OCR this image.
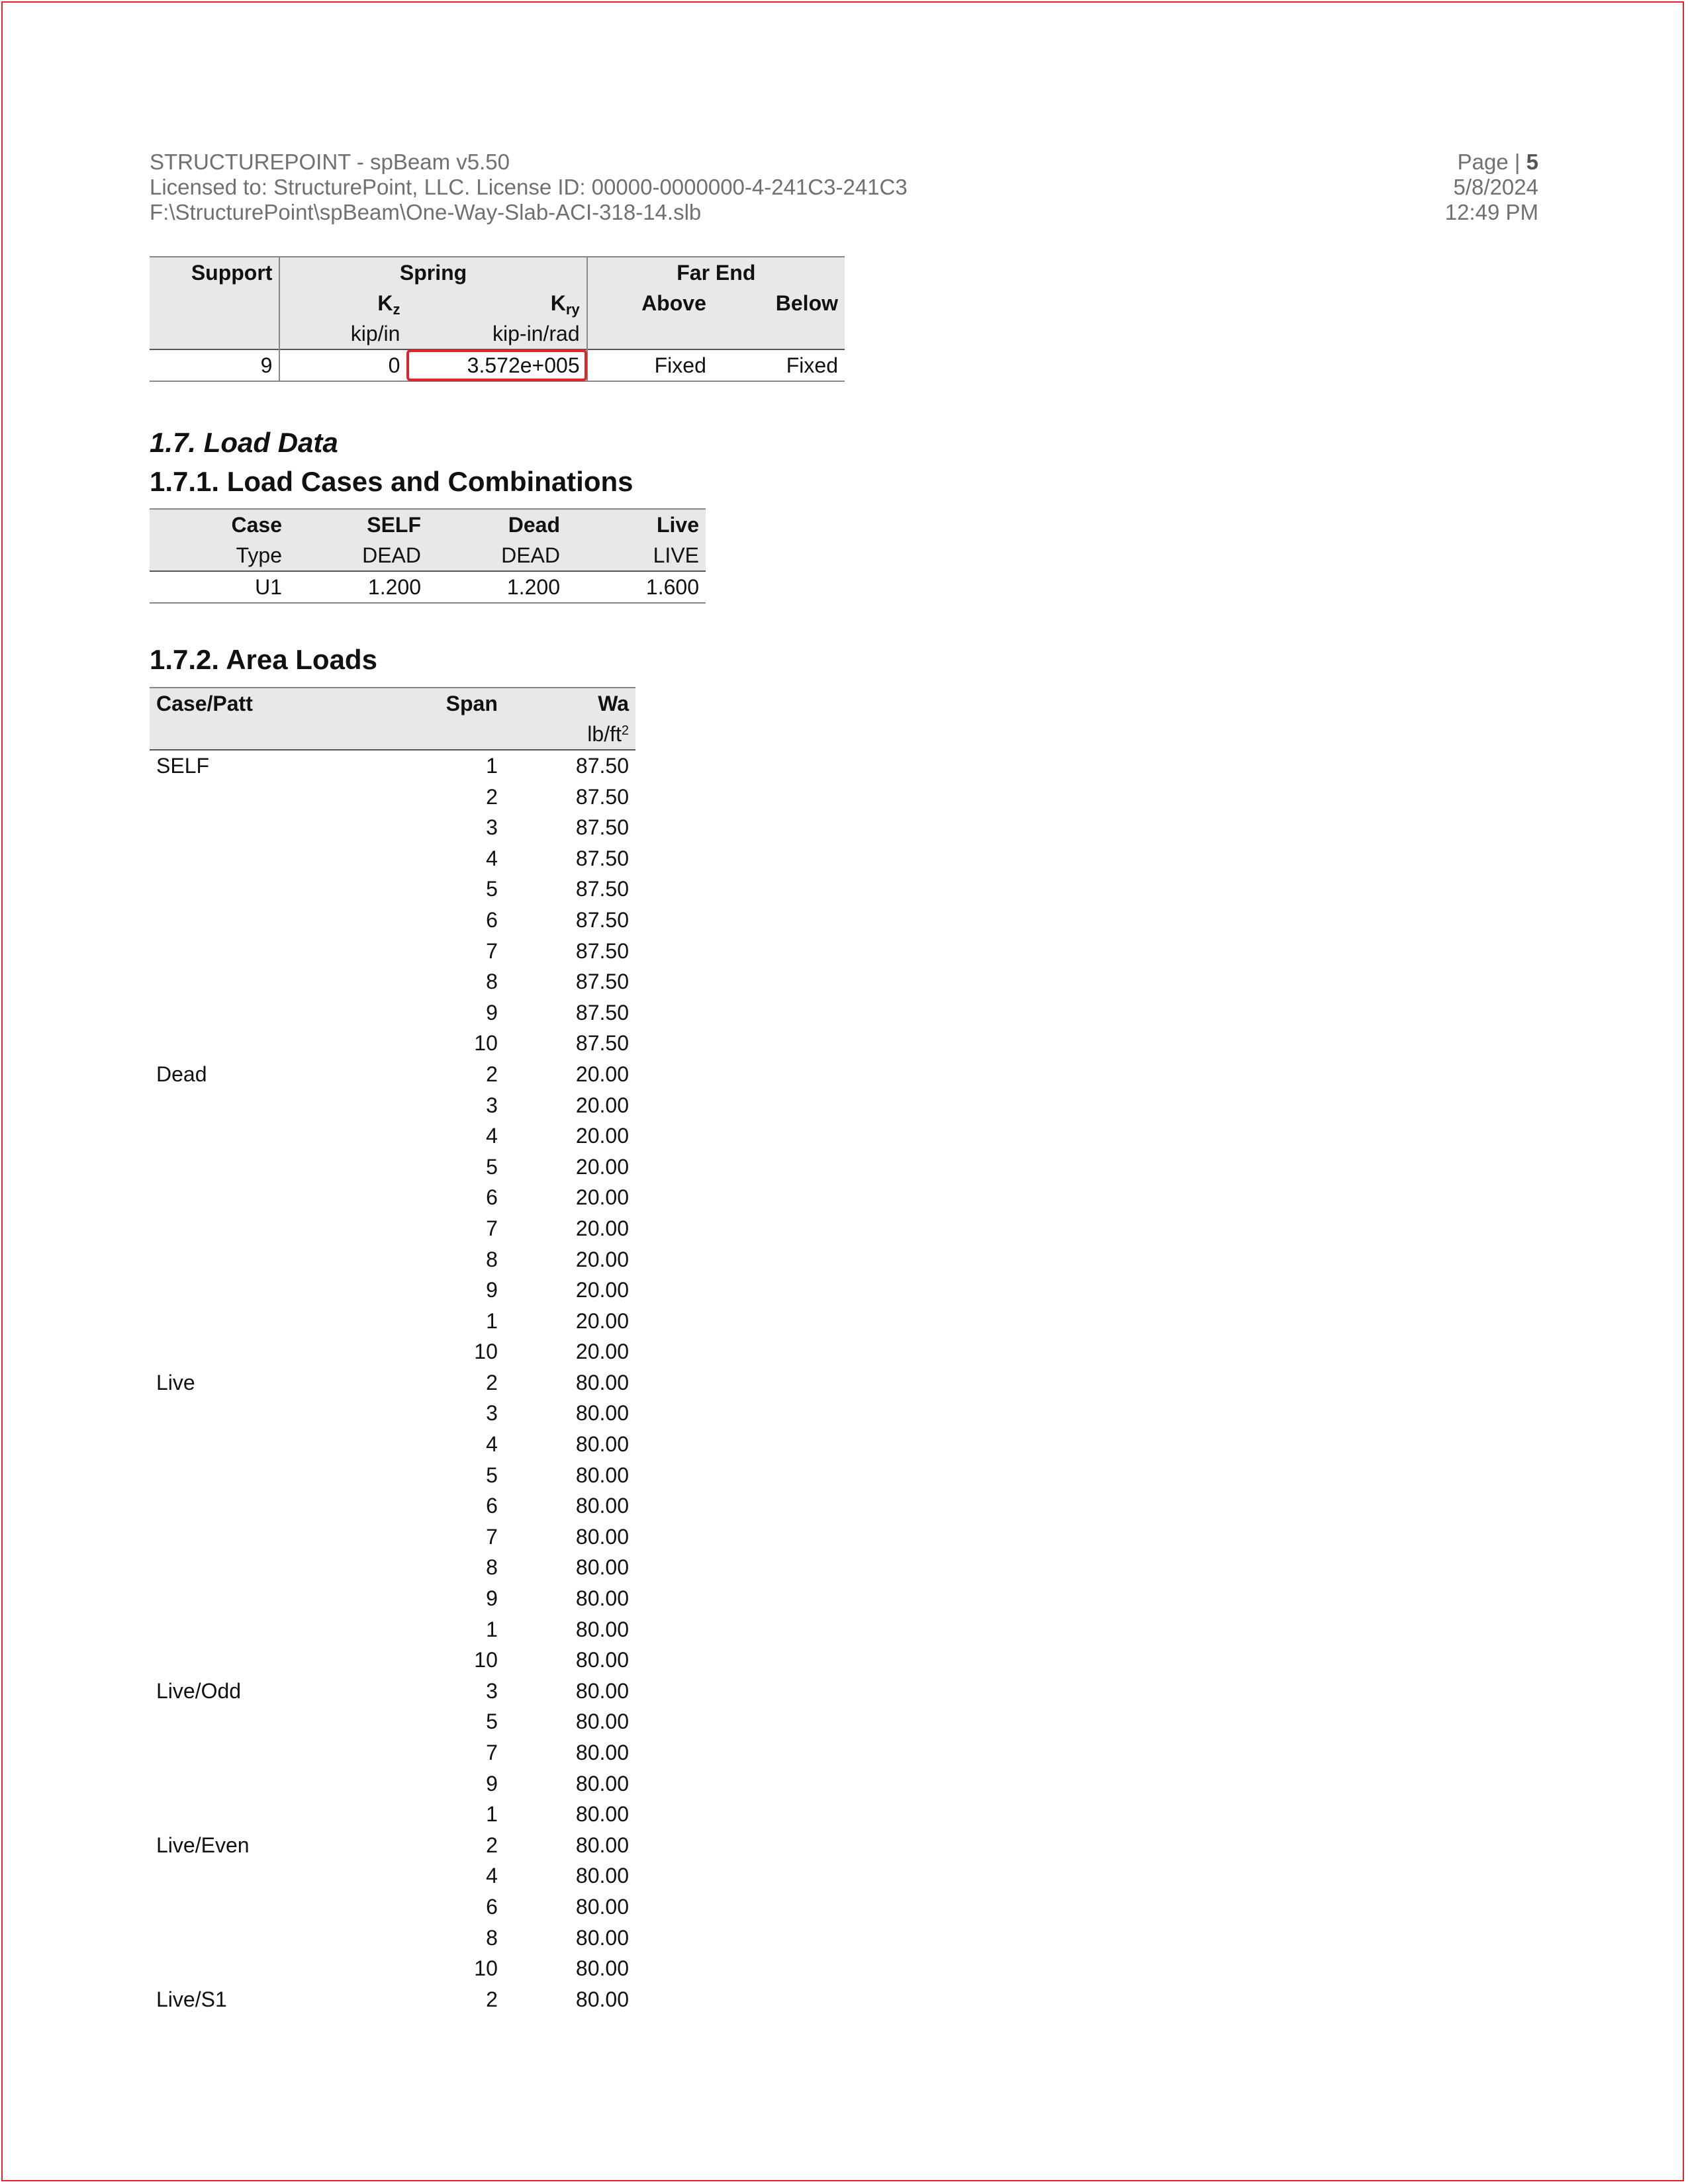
STRUCTUREPOINT - spBeam v5.50
Licensed to: StructurePoint, LLC. License ID: 00000-0000000-4-241C3-241C3
F:\StructurePoint\spBeam\One-Way-Slab-ACI-318-14.slb
Page | 5
5/8/2024
12:49 PM
Support	Spring		Far End	
	$K_z$	$K_{ry}$	Above	Below
	kip/in	kip-in/rad		
9	0	3.572e+005	Fixed	Fixed
1.7. Load Data
1.7.1. Load Cases and Combinations
Case	SELF	Dead	Live
Type	DEAD	DEAD	LIVE
U1	1.200	1.200	1.600
1.7.2. Area Loads
Case/Patt	Span	Wa
		$lb/ft^2$
SELF	1	87.50
	2	87.50
	3	87.50
	4	87.50
	5	87.50
	6	87.50
	7	87.50
	8	87.50
	9	87.50
	10	87.50
Dead	2	20.00
	3	20.00
	4	20.00
	5	20.00
	6	20.00
	7	20.00
	8	20.00
	9	20.00
	1	20.00
	10	20.00
Live	2	80.00
	3	80.00
	4	80.00
	5	80.00
	6	80.00
	7	80.00
	8	80.00
	9	80.00
	1	80.00
	10	80.00
Live/Odd	3	80.00
	5	80.00
	7	80.00
	9	80.00
	1	80.00
Live/Even	2	80.00
	4	80.00
	6	80.00
	8	80.00
	10	80.00
Live/S1	2	80.00
